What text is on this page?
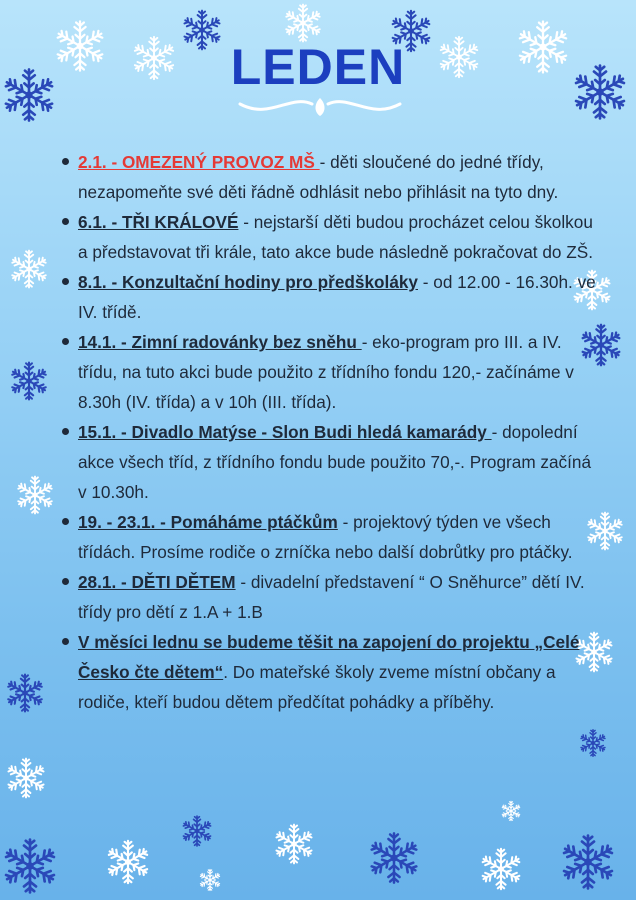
LEDEN
2.1. - OMEZENÝ PROVOZ MŠ - děti sloučené do jedné třídy, nezapomeňte své děti řádně odhlásit nebo přihlásit na tyto dny.
6.1. - TŘI KRÁLOVÉ - nejstarší děti budou procházet celou školkou a představovat tři krále, tato akce bude následně pokračovat do ZŠ.
8.1. - Konzultační hodiny pro předškoláky - od 12.00 - 16.30h. ve IV. třídě.
14.1. - Zimní radovánky bez sněhu - eko-program pro III. a IV. třídu, na tuto akci bude použito z třídního fondu 120,- začínáme v 8.30h (IV. třída) a v 10h (III. třída).
15.1. - Divadlo Matýse - Slon Budi hledá kamarády - dopolední akce všech tříd, z třídního fondu bude použito 70,-. Program začíná v 10.30h.
19. - 23.1. - Pomáháme ptáčkům - projektový týden ve všech třídách. Prosíme rodiče o zrníčka nebo další dobrůtky pro ptáčky.
28.1. - DĚTI DĚTEM - divadelní představení “ O Sněhurce” dětí IV. třídy pro dětí z 1.A + 1.B
V měsíci lednu se budeme těšit na zapojení do projektu „Celé Česko čte dětem“. Do mateřské školy zveme místní občany a rodiče, kteří budou dětem předčítat pohádky a příběhy.
